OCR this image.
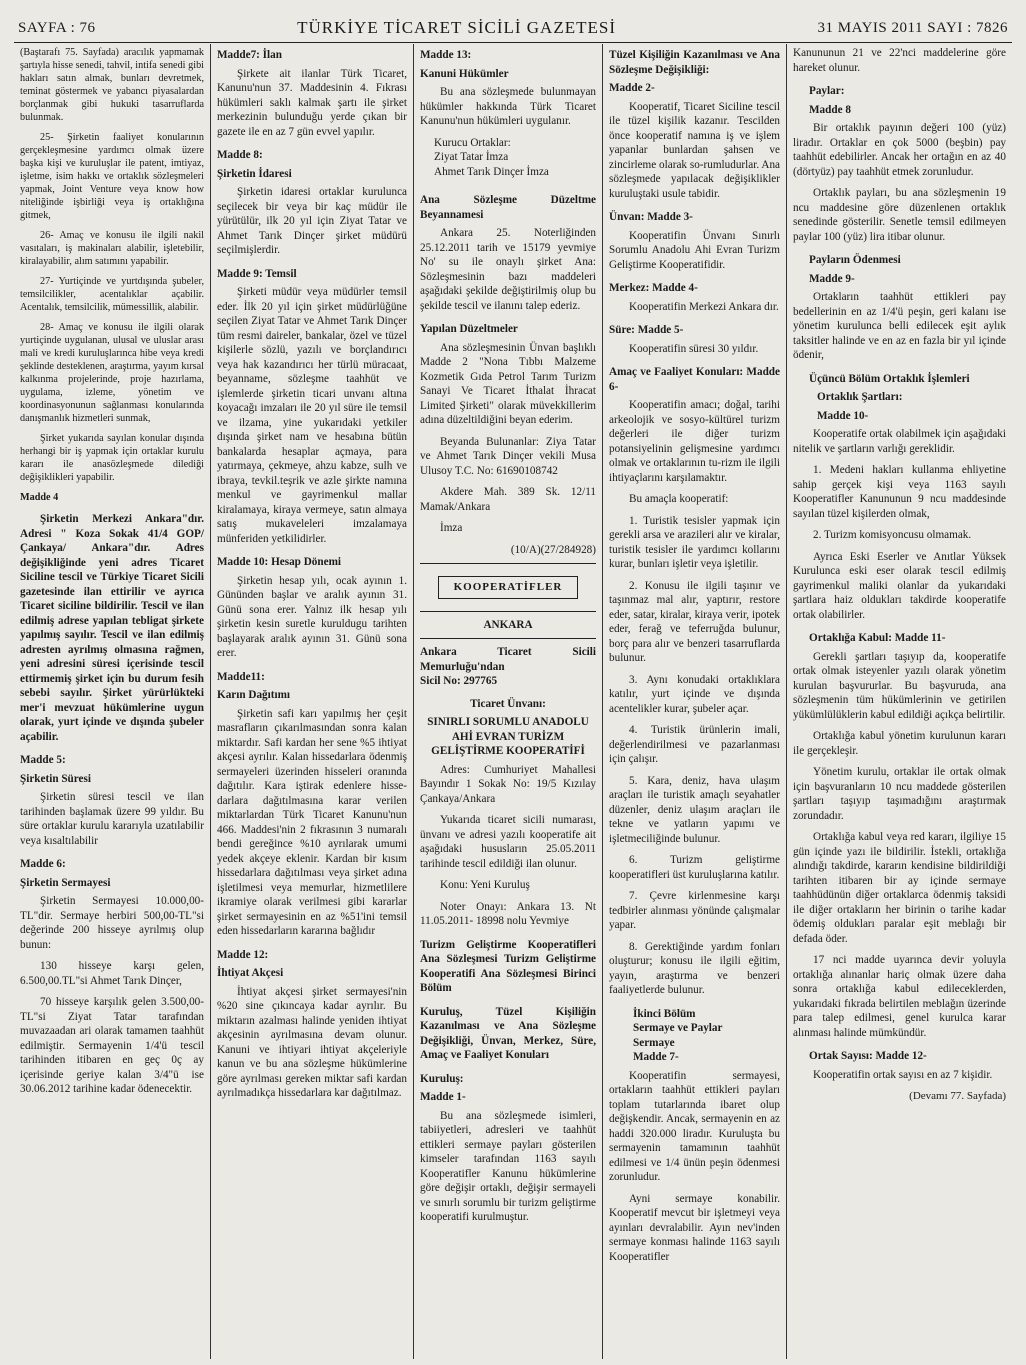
SAYFA : 76	TÜRKİYE TİCARET SİCİLİ GAZETESİ	31 MAYIS 2011 SAYI : 7826

(Baştarafı 75. Sayfada) aracılık yapmamak şartıyla hisse senedi, tahvil, intifa senedi gibi hakları satın almak, bunları devretmek, teminat göstermek ve yabancı piyasalardan borçlanmak gibi hukuki tasarruflarda bulunmak.

25- Şirketin faaliyet konularının gerçekleşmesine yardımcı olmak üzere başka kişi ve kuruluşlar ile patent, imtiyaz, işletme, isim hakkı ve ortaklık sözleşmeleri yapmak, Joint Venture veya know how niteliğinde işbirliği veya iş ortaklığına gitmek,

26- Amaç ve konusu ile ilgili nakil vasıtaları, iş makinaları alabilir, işletebilir, kiralayabilir, alım satımını yapabilir.

27- Yurtiçinde ve yurtdışında şubeler, temsilcilikler, acentalıklar açabilir. Acentalık, temsilcilik, mümessillik, alabilir.

28- Amaç ve konusu ile ilgili olarak yurtiçinde uygulanan, ulusal ve uluslar arası mali ve kredi kuruluşlarınca hibe veya kredi şeklinde desteklenen, araştırma, yayım kırsal kalkınma projelerinde, proje hazırlama, uygulama, izleme, yönetim ve koordinasyonunun sağlanması konularında danışmanlık hizmetleri sunmak,

Şirket yukarıda sayılan konular dışında herhangi bir iş yapmak için ortaklar kurulu kararı ile anasözleşmede dilediği değişiklikleri yapabilir.

Madde 4

Şirketin Merkezi Ankara"dır. Adresi " Koza Sokak 41/4 GOP/ Çankaya/ Ankara"dır. Adres değişikliğinde yeni adres Ticaret Siciline tescil ve Türkiye Ticaret Sicili gazetesinde ilan ettirilir ve ayrıca Ticaret siciline bildirilir. Tescil ve ilan edilmiş adrese yapılan tebligat şirkete yapılmış sayılır. Tescil ve ilan edilmiş adresten ayrılmış olmasına rağmen, yeni adresini süresi içerisinde tescil ettirmemiş şirket için bu durum fesih sebebi sayılır. Şirket yürürlükteki mer'i mevzuat hükümlerine uygun olarak, yurt içinde ve dışında şubeler açabilir.

Madde 5:
Şirketin Süresi

Şirketin süresi tescil ve ilan tarihinden başlamak üzere 99 yıldır. Bu süre ortaklar kurulu kararıyla uzatılabilir veya kısaltılabilir

Madde 6:
Şirketin Sermayesi

Şirketin Sermayesi 10.000,00-TL"dir. Sermaye herbiri 500,00-TL"si değerinde 200 hisseye ayrılmış olup bunun:

130 hisseye karşı gelen, 6.500,00.TL"si Ahmet Tarık Dinçer,

70 hisseye karşılık gelen 3.500,00-TL"si Ziyat Tatar tarafından muvazaadan ari olarak tamamen taahhüt edilmiştir. Sermayenin 1/4'ü tescil tarihinden itibaren en geç 0ç ay içerisinde geriye kalan 3/4"ü ise 30.06.2012 tarihine kadar ödenecektir.

Madde7: İlan

Şirkete ait ilanlar Türk Ticaret, Kanunu'nun 37. Maddesinin 4. Fıkrası hükümleri saklı kalmak şartı ile şirket merkezinin bulunduğu yerde çıkan bir gazete ile en az 7 gün evvel yapılır.

Madde 8:
Şirketin İdaresi

Şirketin idaresi ortaklar kurulunca seçilecek bir veya bir kaç müdür ile yürütülür, ilk 20 yıl için Ziyat Tatar ve Ahmet Tarık Dinçer şirket müdürü seçilmişlerdir.

Madde 9: Temsil

Şirketi müdür veya müdürler temsil eder. İlk 20 yıl için şirket müdürlüğüne seçilen Ziyat Tatar ve Ahmet Tarık Dinçer tüm resmi daireler, bankalar, özel ve tüzel kişilerle sözlü, yazılı ve borçlandırıcı veya hak kazandırıcı her türlü müracaat, beyanname, sözleşme taahhüt ve işlemlerde şirketin ticari unvanı altına koyacağı imzaları ile 20 yıl süre ile temsil ve ilzama, yine yukarıdaki yetkiler dışında şirket nam ve hesabına bütün bankalarda hesaplar açmaya, para yatırmaya, çekmeye, ahzu kabze, sulh ve ibraya, tevkil.teşrik ve azle şirkte namına menkul ve gayrimenkul mallar kiralamaya, kiraya vermeye, satın almaya satış mukaveleleri imzalamaya münferiden yetkilidirler.

Madde 10: Hesap Dönemi

Şirketin hesap yılı, ocak ayının 1. Gününden başlar ve aralık ayının 31. Günü sona erer. Yalnız ilk hesap yılı şirketin kesin suretle kuruldugu tarihten başlayarak aralık ayının 31. Günü sona erer.

Madde11:
Karın Dağıtımı

Şirketin safi karı yapılmış her çeşit masrafların çıkarılmasından sonra kalan miktardır. Safi kardan her sene %5 ihtiyat akçesi ayrılır. Kalan hissedarlara ödenmiş sermayeleri üzerinden hisseleri oranında dağıtılır. Kara iştirak edenlere hisse-darlara dağıtılmasına karar verilen miktarlardan Türk Ticaret Kanunu'nun 466. Maddesi'nin 2 fıkrasının 3 numaralı bendi gereğince %10 ayrılarak umumi yedek akçeye eklenir. Kardan bir kısım hissedarlara dağıtılması veya şirket adına işletilmesi veya memurlar, hizmetlilere ikramiye olarak verilmesi gibi kararlar şirket sermayesinin en az %51'ini temsil eden hissedarların kararına bağlıdır

Madde 12:
İhtiyat Akçesi

İhtiyat akçesi şirket sermayesi'nin %20 sine çıkıncaya kadar ayrılır. Bu miktarın azalması halinde yeniden ihtiyat akçesinin ayrılmasına devam olunur. Kanuni ve ihtiyari ihtiyat akçeleriyle kanun ve bu ana sözleşme hükümlerine göre ayrılması gereken miktar safi kardan ayrılmadıkça hissedarlara kar dağıtılmaz.

Madde 13:
Kanuni Hükümler

Bu ana sözleşmede bulunmayan hükümler hakkında Türk Ticaret Kanunu'nun hükümleri uygulanır.

Kurucu Ortaklar:
Ziyat Tatar İmza
Ahmet Tarık Dinçer İmza
Ana Sözleşme Düzeltme Beyannamesi

Ankara 25. Noterliğinden 25.12.2011 tarih ve 15179 yevmiye No' su ile onaylı şirket Ana: Sözleşmesinin bazı maddeleri aşağıdaki şekilde değiştirilmiş olup bu şekilde tescil ve ilanını talep ederiz.

Yapılan Düzeltmeler

Ana sözleşmesinin Ünvan başlıklı Madde 2 "Nona Tıbbı Malzeme Kozmetik Gıda Petrol Tarım Turizm Sanayi Ve Ticaret İthalat İhracat Limited Şirketi" olarak müvekkillerim adına düzeltildiğini beyan ederim.

Beyanda Bulunanlar: Ziya Tatar ve Ahmet Tarık Dinçer vekili Musa Ulusoy T.C. No: 61690108742

Akdere Mah. 389 Sk. 12/11 Mamak/Ankara

İmza

(10/A)(27/284928)
KOOPERATİFLER
ANKARA
Ankara Ticaret Sicili Memurluğu'ndan
Sicil No: 297765
Ticaret Ünvanı:
SINIRLI SORUMLU ANADOLU AHİ EVRAN TURİZM GELİŞTİRME KOOPERATİFİ

Adres: Cumhuriyet Mahallesi Bayındır 1 Sokak No: 19/5 Kızılay Çankaya/Ankara

Yukarıda ticaret sicili numarası, ünvanı ve adresi yazılı kooperatife ait aşağıdaki hususların 25.05.2011 tarihinde tescil edildiği ilan olunur.

Konu: Yeni Kuruluş

Noter Onayı: Ankara 13. Nt 11.05.2011- 18998 nolu Yevmiye

Turizm Geliştirme Kooperatifleri Ana Sözleşmesi Turizm Geliştirme Kooperatifi Ana Sözleşmesi Birinci Bölüm
Kuruluş, Tüzel Kişiliğin Kazanılması ve Ana Sözleşme Değişikliği, Ünvan, Merkez, Süre, Amaç ve Faaliyet Konuları
Kuruluş:
Madde 1-

Bu ana sözleşmede isimleri, tabiiyetleri, adresleri ve taahhüt ettikleri sermaye payları gösterilen kimseler tarafından 1163 sayılı Kooperatifler Kanunu hükümlerine göre değişir ortaklı, değişir sermayeli ve sınırlı sorumlu bir turizm geliştirme kooperatifi kurulmuştur.

Tüzel Kişiliğin Kazanılması ve Ana Sözleşme Değişikliği:
Madde 2-

Kooperatif, Ticaret Siciline tescil ile tüzel kişilik kazanır. Tescilden önce kooperatif namına iş ve işlem yapanlar bunlardan şahsen ve zincirleme olarak so-rumludurlar. Ana sözleşmede yapılacak değişiklikler kuruluştaki usule tabidir.

Ünvan: Madde 3-

Kooperatifin Ünvanı Sınırlı Sorumlu Anadolu Ahi Evran Turizm Geliştirme Kooperatifidir.

Merkez: Madde 4-

Kooperatifin Merkezi Ankara dır.

Süre: Madde 5-

Kooperatifin süresi 30 yıldır.

Amaç ve Faaliyet Konuları: Madde 6-

Kooperatifin amacı; doğal, tarihi arkeolojik ve sosyo-kültürel turizm değerleri ile diğer turizm potansiyelinin gelişmesine yardımcı olmak ve ortaklarının tu-rizm ile ilgili ihtiyaçlarını karşılamaktır.

Bu amaçla kooperatif:

1. Turistik tesisler yapmak için gerekli arsa ve arazileri alır ve kiralar, turistik tesisler ile yardımcı kollarını kurar, bunları işletir veya işletilir.

2. Konusu ile ilgili taşınır ve taşınmaz mal alır, yaptırır, restore eder, satar, kiralar, kiraya verir, ipotek eder, ferağ ve teferruğda bulunur, borç para alır ve benzeri tasarruflarda bulunur.

3. Aynı konudaki ortaklıklara katılır, yurt içinde ve dışında acentelikler kurar, şubeler açar.

4. Turistik ürünlerin imali, değerlendirilmesi ve pazarlanması için çalışır.

5. Kara, deniz, hava ulaşım araçları ile turistik amaçlı seyahatler düzenler, deniz ulaşım araçları ile tekne ve yatların yapımı ve işletmeciliğinde bulunur.

6. Turizm geliştirme kooperatifleri üst kuruluşlarına katılır.

7. Çevre kirlenmesine karşı tedbirler alınması yönünde çalışmalar yapar.

8. Gerektiğinde yardım fonları oluşturur; konusu ile ilgili eğitim, yayın, araştırma ve benzeri faaliyetlerde bulunur.

İkinci Bölüm
Sermaye ve Paylar
Sermaye
Madde 7-

Kooperatifin sermayesi, ortakların taahhüt ettikleri payları toplam tutarlarında ibaret olup değişkendir. Ancak, sermayenin en az haddi 320.000 liradır. Kuruluşta bu sermayenin tamamının taahhüt edilmesi ve 1/4 ünün peşin ödenmesi zorunludur.

Ayni sermaye konabilir. Kooperatif mevcut bir işletmeyi veya ayınları devralabilir. Ayın nev'inden sermaye konması halinde 1163 sayılı Kooperatifler

Kanununun 21 ve 22'nci maddelerine göre hareket olunur.

Paylar:
Madde 8

Bir ortaklık payının değeri 100 (yüz) liradır. Ortaklar en çok 5000 (beşbin) pay taahhüt edebilirler. Ancak her ortağın en az 40 (dörtyüz) pay taahhüt etmek zorunludur.

Ortaklık payları, bu ana sözleşmenin 19 ncu maddesine göre düzenlenen ortaklık senedinde gösterilir. Senetle temsil edilmeyen paylar 100 (yüz) lira itibar olunur.

Payların Ödenmesi
Madde 9-

Ortakların taahhüt ettikleri pay bedellerinin en az 1/4'ü peşin, geri kalanı ise yönetim kurulunca belli edilecek eşit aylık taksitler halinde ve en az en fazla bir yıl içinde ödenir,

Üçüncü Bölüm Ortaklık İşlemleri
Ortaklık Şartları:
Madde 10-

Kooperatife ortak olabilmek için aşağıdaki nitelik ve şartların varlığı gereklidir.

1. Medeni hakları kullanma ehliyetine sahip gerçek kişi veya 1163 sayılı Kooperatifler Kanununun 9 ncu maddesinde sayılan tüzel kişilerden olmak,

2. Turizm komisyoncusu olmamak.

Ayrıca Eski Eserler ve Anıtlar Yüksek Kurulunca eski eser olarak tescil edilmiş gayrimenkul maliki olanlar da yukarıdaki şartlara haiz oldukları takdirde kooperatife ortak olabilirler.

Ortaklığa Kabul: Madde 11-

Gerekli şartları taşıyıp da, kooperatife ortak olmak isteyenler yazılı olarak yönetim kurulan başvururlar. Bu başvuruda, ana sözleşmenin tüm hükümlerinin ve getirilen yükümlülüklerin kabul edildiği açıkça belirtilir.

Ortaklığa kabul yönetim kurulunun kararı ile gerçekleşir.

Yönetim kurulu, ortaklar ile ortak olmak için başvuranların 10 ncu maddede gösterilen şartları taşıyıp taşımadığını araştırmak zorundadır.

Ortaklığa kabul veya red kararı, ilgiliye 15 gün içinde yazı ile bildirilir. İstekli, ortaklığa alındığı takdirde, kararın kendisine bildirildiği tarihten itibaren bir ay içinde sermaye taahhüdünün diğer ortaklarca ödenmiş taksidi ile diğer ortakların her birinin o tarihe kadar ödemiş oldukları paralar eşit meblağı bir defada öder.

17 nci madde uyarınca devir yoluyla ortaklığa alınanlar hariç olmak üzere daha sonra ortaklığa kabul edileceklerden, yukarıdaki fıkrada belirtilen meblağın üzerinde para talep edilmesi, genel kurulca karar alınması halinde mümkündür.

Ortak Sayısı: Madde 12-

Kooperatifin ortak sayısı en az 7 kişidir.

(Devamı 77. Sayfada)
